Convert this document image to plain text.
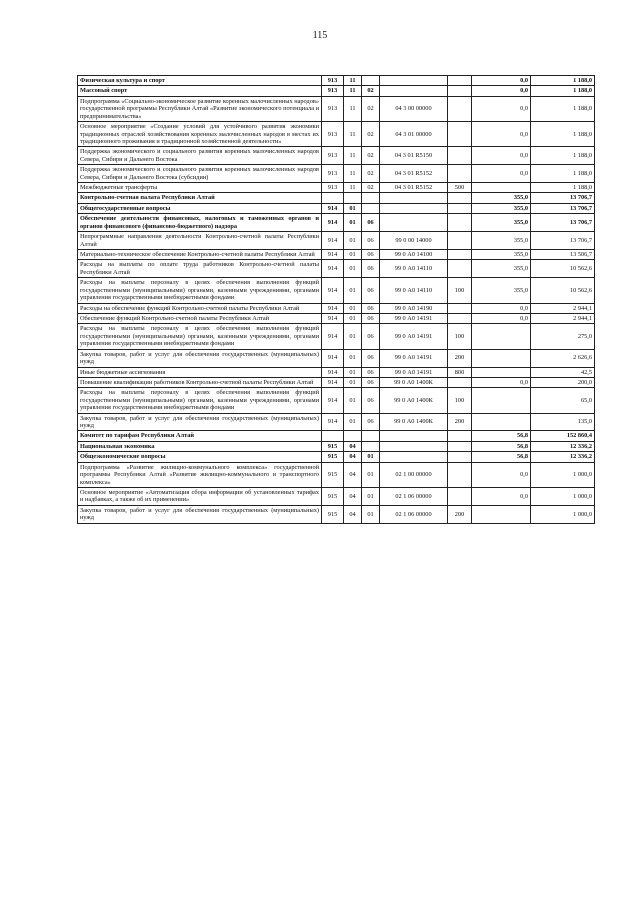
115
Физическая культура и спорт	913	11				0,0	1 188,0
Массовый спорт	913	11	02			0,0	1 188,0
Подпрограмма «Социально-экономическое развитие коренных малочисленных народов» государственной программы Республики Алтай «Развитие экономического потенциала и предпринимательства»	913	11	02	04 3 00 00000		0,0	1 188,0
Основное мероприятие «Создание условий для устойчивого развития экономики традиционных отраслей хозяйствования коренных малочисленных народов в местах их традиционного проживания и традиционной хозяйственной деятельности»	913	11	02	04 3 01 00000		0,0	1 188,0
Поддержка экономического и социального развития коренных малочисленных народов Севера, Сибири и Дальнего Востока	913	11	02	04 3 01 R5150		0,0	1 188,0
Поддержка экономического и социального развития коренных малочисленных народов Севера, Сибири и Дальнего Востока (субсидии)	913	11	02	04 3 01 R5152		0,0	1 188,0
Межбюджетные трансферты	913	11	02	04 3 01 R5152	500		1 188,0
Контрольно-счетная палата Республики Алтай						355,0	13 706,7
Общегосударственные вопросы	914	01				355,0	13 706,7
Обеспечение деятельности финансовых, налоговых и таможенных органов и органов финансового (финансово-бюджетного) надзора	914	01	06			355,0	13 706,7
Непрограммные направления деятельности Контрольно-счетной палаты Республики Алтай	914	01	06	99 0 00 14000		355,0	13 706,7
Материально-техническое обеспечение Контрольно-счетной палаты Республики Алтай	914	01	06	99 0 А0 14100		355,0	13 506,7
Расходы на выплаты по оплате труда работников Контрольно-счетной палаты Республики Алтай	914	01	06	99 0 А0 14110		355,0	10 562,6
Расходы на выплаты персоналу в целях обеспечения выполнения функций государственными (муниципальными) органами, казенными учреждениями, органами управления государственными внебюджетными фондами	914	01	06	99 0 А0 14110	100	355,0	10 562,6
Расходы на обеспечение функций Контрольно-счетной палаты Республики Алтай	914	01	06	99 0 А0 14190		0,0	2 944,1
Обеспечение функций Контрольно-счетной палаты Республики Алтай	914	01	06	99 0 А0 14191		0,0	2 944,1
Расходы на выплаты персоналу в целях обеспечения выполнения функций государственными (муниципальными) органами, казенными учреждениями, органами управления государственными внебюджетными фондами	914	01	06	99 0 А0 14191	100		275,0
Закупка товаров, работ и услуг для обеспечения государственных (муниципальных) нужд	914	01	06	99 0 А0 14191	200		2 626,6
Иные бюджетные ассигнования	914	01	06	99 0 А0 14191	800		42,5
Повышение квалификации работников Контрольно-счетной палаты Республики Алтай	914	01	06	99 0 А0 1400К		0,0	200,0
Расходы на выплаты персоналу в целях обеспечения выполнения функций государственными (муниципальными) органами, казенными учреждениями, органами управления государственными внебюджетными фондами	914	01	06	99 0 А0 1400К	100		65,0
Закупка товаров, работ и услуг для обеспечения государственных (муниципальных) нужд	914	01	06	99 0 А0 1400К	200		135,0
Комитет по тарифам Республики Алтай						56,8	152 860,4
Национальная экономика	915	04				56,8	12 336,2
Общеэкономические вопросы	915	04	01			56,8	12 336,2
Подпрограмма «Развитие жилищно-коммунального комплекса» государственной программы Республики Алтай «Развитие жилищно-коммунального и транспортного комплекса»	915	04	01	02 1 00 00000		0,0	1 000,0
Основное мероприятие «Автоматизация сбора информации об установленных тарифах и надбавках, а также об их применении»	915	04	01	02 1 06 00000		0,0	1 000,0
Закупка товаров, работ и услуг для обеспечения государственных (муниципальных) нужд	915	04	01	02 1 06 00000	200		1 000,0
